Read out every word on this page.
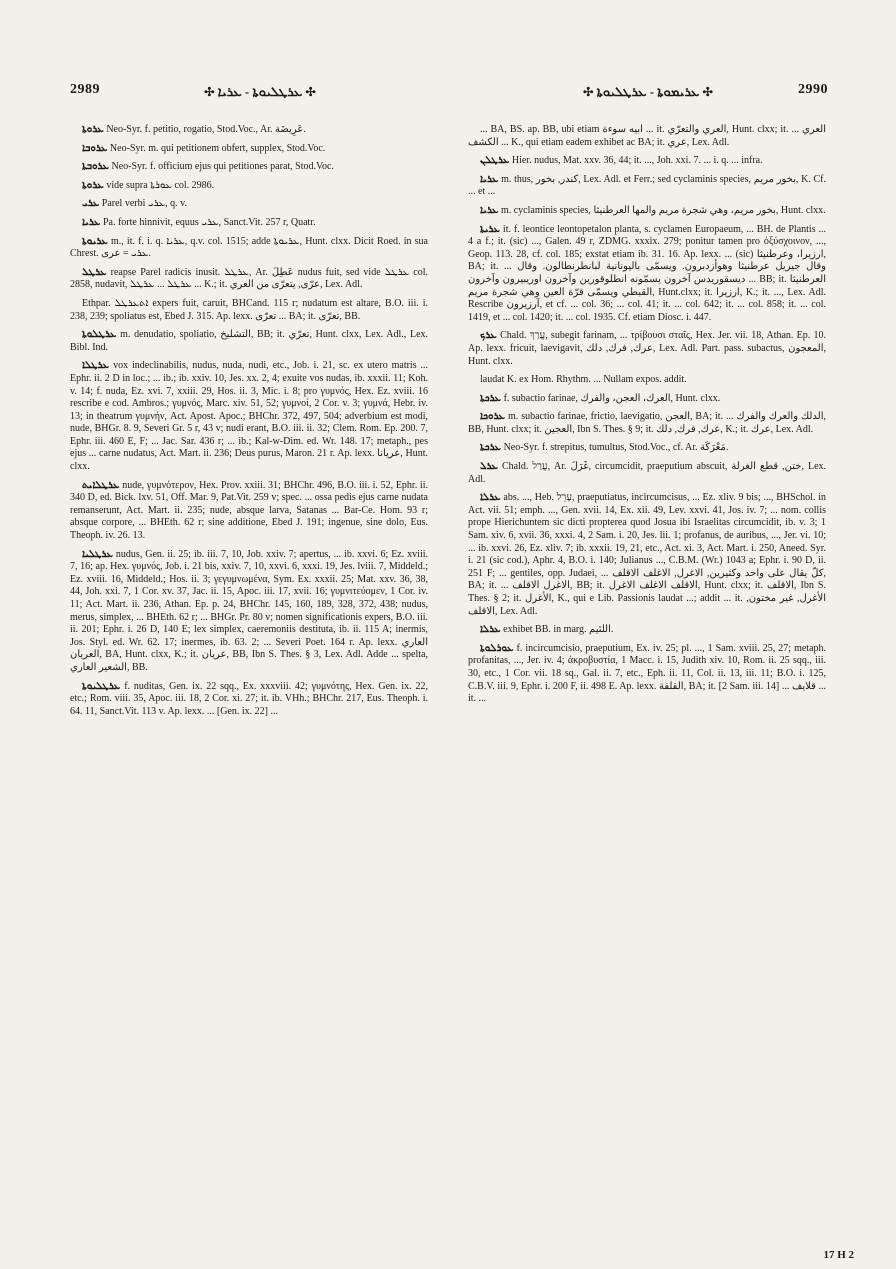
2989	✣ ܥܪܛܠܝܘܬܐ - ܥܪܝܐ ✣	✣ ܥܪܝܡܘܬܐ - ܥܪܛܠܝܘܬܐ ✣	2990

ܥܪܘܬܐ Neo-Syr. f. petitio, rogatio, Stod.Voc., Ar. عَرِيضَة.

ܥܪܘܒܐ Neo-Syr. m. qui petitionem obfert, supplex, Stod.Voc.

ܥܪܘܒܬܐ Neo-Syr. f. officium ejus qui petitiones parat, Stod.Voc.

ܥܪܘܬܐ vide supra ܥܘܪܬܐ col. 2986.

ܥܪܝ Parel verbi ܥܪܝ, q. v.

ܥܪܝܐ Pa. forte hinnivit, equus ܥܪܝ, Sanct.Vit. 257 r, Quatr.

ܥܪܝܘܬܐ m., it. f. i. q. ܥܪܝܐ, q.v. col. 1515; adde ܥܪܝܘܬܐ, Hunt. clxx. Dicit Roed. in sua Chrest. ܥܪܝ = عرى.

ܥܪܛܠ reapse Parel radicis inusit. ܥܪܛܠ, Ar. عَطِلَ nudus fuit, sed vide ܥܪܛܠ col. 2858, nudavit, ܥܪܛܠ ... ܥܪܛܠ ... K.; it. عرّى, يتعرّى من العري, Lex. Adl.

Ethpar. ܐܬܥܪܛܠ expers fuit, caruit, BHCand. 115 r; nudatum est altare, B.O. iii. i. 238, 239; spoliatus est, Ebed J. 315. Ap. lexx. تعرّى ... BA; it. تعرّى, BB.

ܥܪܛܠܘܬܐ m. denudatio, spoliatio, التشليخ, BB; it. تعرّي, Hunt. clxx, Lex. Adl., Lex. Bibl. Ind.

ܥܪܛܠܐ vox indeclinabilis, nudus, nuda, nudi, etc., Job. i. 21, sc. ex utero matris ... Ephr. ii. 2 D in loc.; ... ib.; ib. xxiv. 10, Jes. xx. 2, 4; exuite vos nudas, ib. xxxii. 11; Koh. v. 14; f. nuda, Ez. xvi. 7, xxiii. 29, Hos. ii. 3, Mic. i. 8; pro γυμνός, Hex. Ez. xviii. 16 rescribe e cod. Ambros.; γυμνός, Marc. xiv. 51, 52; γυμνοί, 2 Cor. v. 3; γυμνά, Hebr. iv. 13; in theatrum γυμνήν, Act. Apost. Apoc.; BHChr. 372, 497, 504; adverbium est modi, nude, BHGr. 8. 9, Severi Gr. 5 r, 43 v; nudi erant, B.O. iii. ii. 32; Clem. Rom. Ep. 200. 7, Ephr. iii. 460 E, F; ... Jac. Sar. 436 r; ... ib.; Kal-w-Dim. ed. Wr. 148. 17; metaph., pes ejus ... carne nudatus, Act. Mart. ii. 236; Deus purus, Maron. 21 r. Ap. lexx. عريانا, Hunt. clxx.

ܥܪܛܠܐܝܬ nude, γυμνότερον, Hex. Prov. xxiii. 31; BHChr. 496, B.O. iii. i. 52, Ephr. ii. 340 D, ed. Bick. lxv. 51, Off. Mar. 9, Pat.Vit. 259 v; spec. ... ossa pedis ejus carne nudata remanserunt, Act. Mart. ii. 235; nude, absque larva, Satanas ... Bar-Ce. Hom. 93 r; absque corpore, ... BHEth. 62 r; sine additione, Ebed J. 191; ingenue, sine dolo, Eus. Theoph. iv. 26. 13.

ܥܪܛܠܝܐ nudus, Gen. ii. 25; ib. iii. 7, 10, Job. xxiv. 7; apertus, ... ib. xxvi. 6; Ez. xviii. 7, 16; ap. Hex. γυμνός, Job. i. 21 bis, xxiv. 7, 10, xxvi. 6, xxxi. 19, Jes. lviii. 7, Middeld.; Ez. xviii. 16, Middeld.; Hos. ii. 3; γεγυμνωμένα, Sym. Ex. xxxii. 25; Mat. xxv. 36, 38, 44, Joh. xxi. 7, 1 Cor. xv. 37, Jac. ii. 15, Apoc. iii. 17, xvii. 16; γυμνιτεύομεν, 1 Cor. iv. 11; Act. Mart. ii. 236, Athan. Ep. p. 24, BHChr. 145, 160, 189, 328, 372, 438; nudus, merus, simplex, ... BHEth. 62 r; ... BHGr. Pr. 80 v; nomen significationis expers, B.O. iii. ii. 201; Ephr. i. 26 D, 140 E; lex simplex, caeremoniis destituta, ib. ii. 115 A; inermis, Jos. Styl. ed. Wr. 62. 17; inermes, ib. 63. 2; ... Severi Poet. 164 r. Ap. lexx. العاري العريان, BA, Hunt. clxx, K.; it. عريان, BB, Ibn S. Thes. § 3, Lex. Adl. Adde ... spelta, الشعير العاري, BB.

ܥܪܛܠܝܘܬܐ f. nuditas, Gen. ix. 22 sqq., Ex. xxxviii. 42; γυμνότης, Hex. Gen. ix. 22, etc.; Rom. viii. 35, Apoc. iii. 18, 2 Cor. xi. 27; it. ib. VHh.; BHChr. 217, Eus. Theoph. i. 64. 11, Sanct.Vit. 113 v. Ap. lexx. ... [Gen. ix. 22] ...

... BA, BS. ap. BB, ubi etiam أبيه سوءة ... it. العري والتعرّي, Hunt. clxx; it. ... العري الكشف ... K., qui etiam eadem exhibet ac BA; it. عري, Lex. Adl.

ܥܪܛܠܢ Hier. nudus, Mat. xxv. 36, 44; it. ..., Joh. xxi. 7. ... i. q. ... infra.

ܥܪܝܐ m. thus, كندر, بخور, Lex. Adl. et Ferr.; sed cyclaminis species, بخور مريم, K. Cf. ... et ...

ܥܪܝܐ m. cyclaminis species, بخور مريم، وهي شجرة مريم والمها العرطنيثا, Hunt. clxx.

ܥܪܝܬܐ it. f. leontice leontopetalon planta, s. cyclamen Europaeum, ... BH. de Plantis ... 4 a f.; it. (sic) ..., Galen. 49 r, ZDMG. xxxix. 279; ponitur tamen pro ὀξύσχοινον, ..., Geop. 113. 28, cf. col. 185; exstat etiam ib. 31. 16. Ap. lexx. ... (sic) ارزيرا، وعرطنيثا, BA; it. ... وقال جيريل عرطنيثا وهوأزدبرون. ويسمّى باليونانية لبانطرنطالون. وقال ديسقوريدس آخرون يسمّونه انطلوقورين وآخرون اوريبيرون وآخرون ... BB; it. العرطنيثا القبطي ويسمّى قرّة العين وهي شجرة مريم, Hunt.clxx; it. ارزيرا, K.; it. ..., Lex. Adl. Rescribe آرزيرون, et cf. ... col. 36; ... col. 41; it. ... col. 642; it. ... col. 858; it. ... col. 1419, et ... col. 1420; it. ... col. 1935. Cf. etiam Diosc. i. 447.

ܥܪܟ Chald. עֲרַךְ, subegit farinam, ... τρίβουσι σταῖς, Hex. Jer. vii. 18, Athan. Ep. 10. Ap. lexx. fricuit, laevigavit, عرك, فرك, دلك, Lex. Adl. Part. pass. subactus, المعجون, Hunt. clxx.

laudat K. ex Hom. Rhythm. ... Nullam expos. addit.

ܥܪܟܬܐ f. subactio farinae, العرك، العجن، والفرك, Hunt. clxx.

ܥܪܘܟܐ m. subactio farinae, frictio, laevigatio, العجن, BA; it. ... الدلك والعرك والفرك, BB, Hunt. clxx; it. العجين, Ibn S. Thes. § 9; it. عرك, فرك, دلك, K.; it. عرك, Lex. Adl.

ܥܪܟܬܐ Neo-Syr. f. strepitus, tumultus, Stod.Voc., cf. Ar. مَعْرَكَة.

ܥܪܠ Chald. עֲרַל, Ar. غَرَلَ, circumcidit, praeputium abscuit, ختن, قطع الغرلة, Lex. Adl.

ܥܪܠܐ abs. ..., Heb. עָרֵל, praeputiatus, incircumcisus, ... Ez. xliv. 9 bis; ..., BHSchol. in Act. vii. 51; emph. ..., Gen. xvii. 14, Ex. xii. 49, Lev. xxvi. 41, Jos. iv. 7; ... nom. collis prope Hierichuntem sic dicti propterea quod Josua ibi Israelitas circumcidit, ib. v. 3; 1 Sam. xiv. 6, xvii. 36, xxxi. 4, 2 Sam. i. 20, Jes. lii. 1; profanus, de auribus, ..., Jer. vi. 10; ... ib. xxvi. 26, Ez. xliv. 7; ib. xxxii. 19, 21, etc., Act. xi. 3, Act. Mart. i. 250, Aneed. Syr. i. 21 (sic cod.), Aphr. 4, B.O. i. 140; Julianus ..., C.B.M. (Wr.) 1043 a; Ephr. i. 90 D, ii. 251 F; ... gentiles, opp. Judaei, ... كلّ يقال على واحد وكثيرين, الاغرل, الاغلف الاقلف, BA; it. ... الاغرل الاقلف, BB; it. الاقلف الاغلف الاغرل, Hunt. clxx; it. الاقلف, Ibn S. Thes. § 2; it. الأغرل, K., qui e Lib. Passionis laudat ...; addit ... it. الأغرل, غير مختون, الاقلف, Lex. Adl.

ܥܪܠܐ exhibet BB. in marg. اللئيم.

ܥܘܪܠܘܬܐ f. incircumcisio, praeputium, Ex. iv. 25; pl. ..., 1 Sam. xviii. 25, 27; metaph. profanitas, ..., Jer. iv. 4; ἀκροβυστία, 1 Macc. i. 15, Judith xiv. 10, Rom. ii. 25 sqq., iii. 30, etc., 1 Cor. vii. 18 sq., Gal. ii. 7, etc., Eph. ii. 11, Col. ii. 13, iii. 11; B.O. i. 125, C.B.V. iii. 9, Ephr. i. 200 F, ii. 498 E. Ap. lexx. القلفة, BA; it. [2 Sam. iii. 14] ... قلايف ... it. ...

17 H 2
